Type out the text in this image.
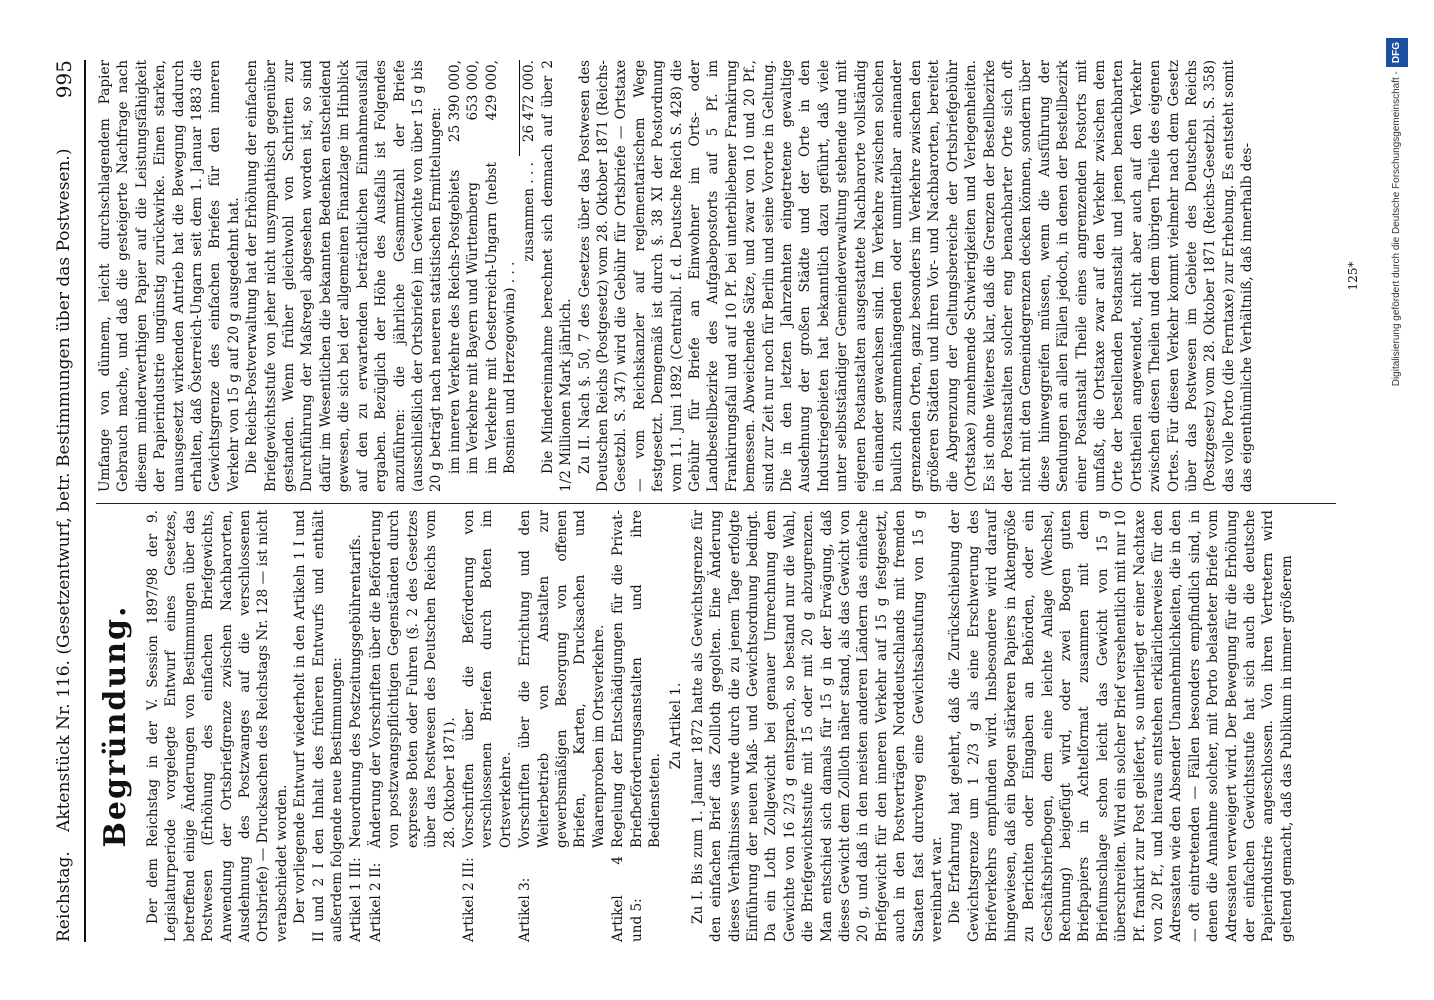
Reichstag.
Aktenstück Nr. 116. (Gesetzentwurf, betr. Bestimmungen über das Postwesen.)
995
Begründung. Der dem Reichstag in der V. Session 1897/98 der 9. Legislaturperiode vorgelegte Entwurf eines Gesetzes, betreffend einige Änderungen von Bestimmungen über das Postwesen (Erhöhung des einfachen Briefgewichts, Anwendung der Ortsbriefgrenze zwischen Nachbarorten, Ausdehnung des Postzwanges auf die verschlossenen Ortsbriefe) — Drucksachen des Reichstags Nr. 128 — ist nicht verabschiedet worden. Der vorliegende Entwurf wiederholt in den Artikeln 1 I und II und 2 I den Inhalt des früheren Entwurfs und enthält außerdem folgende neue Bestimmungen: Artikel 1 III:
Neuordnung des Postzeitungsgebührentarifs.
Artikel 2 II:
Änderung der Vorschriften über die Beförderung von postzwangspflichtigen Gegenständen durch expresse Boten oder Fuhren (§. 2 des Gesetzes über das Postwesen des Deutschen Reichs vom 28. Oktober 1871).
Artikel 2 III:
Vorschriften über die Beförderung von verschlossenen Briefen durch Boten im Ortsverkehre.
Artikel 3:
Vorschriften über die Errichtung und den Weiterbetrieb von Anstalten zur gewerbsmäßigen Besorgung von offenen Briefen, Karten, Drucksachen und Waarenproben im Ortsverkehre.
Artikel 4 und 5:
Regelung der Entschädigungen für die Privat-Briefbeförderungsanstalten und ihre Bediensteten.
Zu Artikel 1. Zu I. Bis zum 1. Januar 1872 hatte als Gewichtsgrenze für den einfachen Brief das Zollloth gegolten. Eine Änderung dieses Verhältnisses wurde durch die zu jenem Tage erfolgte Einführung der neuen Maß- und Gewichtsordnung bedingt. Da ein Loth Zollgewicht bei genauer Umrechnung dem Gewichte von 16 2/3 g entsprach, so bestand nur die Wahl, die Briefgewichtsstufe mit 15 oder mit 20 g abzugrenzen. Man entschied sich damals für 15 g in der Erwägung, daß dieses Gewicht dem Zollloth näher stand, als das Gewicht von 20 g, und daß in den meisten anderen Ländern das einfache Briefgewicht für den inneren Verkehr auf 15 g festgesetzt, auch in den Postverträgen Norddeutschlands mit fremden Staaten fast durchweg eine Gewichtsabstufung von 15 g vereinbart war. Die Erfahrung hat gelehrt, daß die Zurückschiebung der Gewichtsgrenze um 1 2/3 g als eine Erschwerung des Briefverkehrs empfunden wird. Insbesondere wird darauf hingewiesen, daß ein Bogen stärkeren Papiers in Aktengröße zu Berichten oder Eingaben an Behörden, oder ein Geschäftsbriefbogen, dem eine leichte Anlage (Wechsel, Rechnung) beigefügt wird, oder zwei Bogen guten Briefpapiers in Achtelformat zusammen mit dem Briefumschlage schon leicht das Gewicht von 15 g überschreiten. Wird ein solcher Brief versehentlich mit nur 10 Pf. frankirt zur Post geliefert, so unterliegt er einer Nachtaxe von 20 Pf., und hieraus entstehen erklärlicherweise für den Adressaten wie den Absender Unannehmlichkeiten, die in den — oft eintretenden — Fällen besonders empfindlich sind, in denen die Annahme solcher, mit Porto belasteter Briefe vom Adressaten verweigert wird. Der Bewegung für die Erhöhung der einfachen Gewichtsstufe hat sich auch die deutsche Papierindustrie angeschlossen. Von ihren Vertretern wird geltend gemacht, daß das Publikum in immer größerem

Umfange von dünnem, leicht durchschlagendem Papier Gebrauch mache, und daß die gesteigerte Nachfrage nach diesem minderwerthigen Papier auf die Leistungsfähigkeit der Papierindustrie ungünstig zurückwirke. Einen starken, unausgesetzt wirkenden Antrieb hat die Bewegung dadurch erhalten, daß Österreich-Ungarn seit dem 1. Januar 1883 die Gewichtsgrenze des einfachen Briefes für den inneren Verkehr von 15 g auf 20 g ausgedehnt hat. Die Reichs-Postverwaltung hat der Erhöhung der einfachen Briefgewichtsstufe von jeher nicht unsympathisch gegenüber gestanden. Wenn früher gleichwohl von Schritten zur Durchführung der Maßregel abgesehen worden ist, so sind dafür im Wesentlichen die bekannten Bedenken entscheidend gewesen, die sich bei der allgemeinen Finanzlage im Hinblick auf den zu erwartenden beträchtlichen Einnahmeausfall ergaben. Bezüglich der Höhe des Ausfalls ist Folgendes anzuführen: die jährliche Gesammtzahl der Briefe (ausschließlich der Ortsbriefe) im Gewichte von über 15 g bis 20 g beträgt nach neueren statistischen Ermittelungen: im inneren Verkehre des Reichs-Postgebiets
25 390 000,
im Verkehre mit Bayern und Württemberg
653 000,
im Verkehre mit Oesterreich-Ungarn (nebst Bosnien und Herzegowina) . . .
429 000,
zusammen . . .
26 472 000. Die Mindereinnahme berechnet sich demnach auf über 2 1/2 Millionen Mark jährlich. Zu II. Nach §. 50, 7 des Gesetzes über das Postwesen des Deutschen Reichs (Postgesetz) vom 28. Oktober 1871 (Reichs-Gesetzbl. S. 347) wird die Gebühr für Ortsbriefe — Ortstaxe — vom Reichskanzler auf reglementarischem Wege festgesetzt. Demgemäß ist durch §. 38 XI der Postordnung vom 11. Juni 1892 (Centralbl. f. d. Deutsche Reich S. 428) die Gebühr für Briefe an Einwohner im Orts- oder Landbestellbezirke des Aufgabepostorts auf 5 Pf. im Frankirungsfall und auf 10 Pf. bei unterbliebener Frankirung bemessen. Abweichende Sätze, und zwar von 10 und 20 Pf., sind zur Zeit nur noch für Berlin und seine Vororte in Geltung. Die in den letzten Jahrzehnten eingetretene gewaltige Ausdehnung der großen Städte und der Orte in den Industriegebieten hat bekanntlich dazu geführt, daß viele unter selbstständiger Gemeindeverwaltung stehende und mit eigenen Postanstalten ausgestattete Nachbarorte vollständig in einander gewachsen sind. Im Verkehre zwischen solchen baulich zusammenhängenden oder unmittelbar aneinander grenzenden Orten, ganz besonders im Verkehre zwischen den größeren Städten und ihren Vor- und Nachbarorten, bereitet die Abgrenzung der Geltungsbereiche der Ortsbriefgebühr (Ortstaxe) zunehmende Schwierigkeiten und Verlegenheiten. Es ist ohne Weiteres klar, daß die Grenzen der Bestellbezirke der Postanstalten solcher eng benachbarter Orte sich oft nicht mit den Gemeindegrenzen decken können, sondern über diese hinweggreifen müssen, wenn die Ausführung der Sendungen an allen Fällen jedoch, in denen der Bestellbezirk einer Postanstalt Theile eines angrenzenden Postorts mit umfaßt, die Ortstaxe zwar auf den Verkehr zwischen dem Orte der bestellenden Postanstalt und jenen benachbarten Ortstheilen angewendet, nicht aber auch auf den Verkehr zwischen diesen Theilen und dem übrigen Theile des eigenen Ortes. Für diesen Verkehr kommt vielmehr nach dem Gesetz über das Postwesen im Gebiete des Deutschen Reichs (Postzgesetz) vom 28. Oktober 1871 (Reichs-Gesetzbl. S. 358) das volle Porto (die Ferntaxe) zur Erhebung. Es entsteht somit das eigenthümliche Verhältniß, daß innerhalb des-	125*	Digitalisierung gefördert durch die Deutsche Forschungsgemeinschaft -DFG
